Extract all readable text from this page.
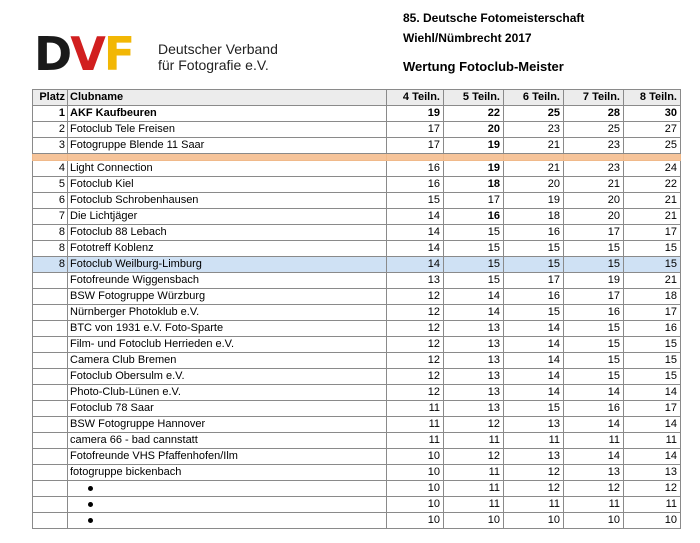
DVF Deutscher Verband
für Fotografie e.V.
85. Deutsche Fotomeisterschaft
Wiehl/Nümbrecht 2017
Wertung Fotoclub-Meister
Platz	Clubname	4 Teiln.	5 Teiln.	6 Teiln.	7 Teiln.	8 Teiln.
1	AKF Kaufbeuren	19	22	25	28	30
2	Fotoclub Tele Freisen	17	20	23	25	27
3	Fotogruppe Blende 11 Saar	17	19	21	23	25

4	Light Connection	16	19	21	23	24
5	Fotoclub Kiel	16	18	20	21	22
6	Fotoclub Schrobenhausen	15	17	19	20	21
7	Die Lichtjäger	14	16	18	20	21
8	Fotoclub 88 Lebach	14	15	16	17	17
8	Fototreff Koblenz	14	15	15	15	15
8	Fotoclub Weilburg-Limburg	14	15	15	15	15
	Fotofreunde Wiggensbach	13	15	17	19	21
	BSW Fotogruppe Würzburg	12	14	16	17	18
	Nürnberger Photoklub e.V.	12	14	15	16	17
	BTC von 1931 e.V. Foto-Sparte	12	13	14	15	16
	Film- und Fotoclub Herrieden e.V.	12	13	14	15	15
	Camera Club Bremen	12	13	14	15	15
	Fotoclub Obersulm e.V.	12	13	14	15	15
	Photo-Club-Lünen e.V.	12	13	14	14	14
	Fotoclub 78 Saar	11	13	15	16	17
	BSW Fotogruppe Hannover	11	12	13	14	14
	camera 66 - bad cannstatt	11	11	11	11	11
	Fotofreunde VHS Pfaffenhofen/Ilm	10	12	13	14	14
	fotogruppe bickenbach	10	11	12	13	13
		10	11	12	12	12
		10	11	11	11	11
		10	10	10	10	10
